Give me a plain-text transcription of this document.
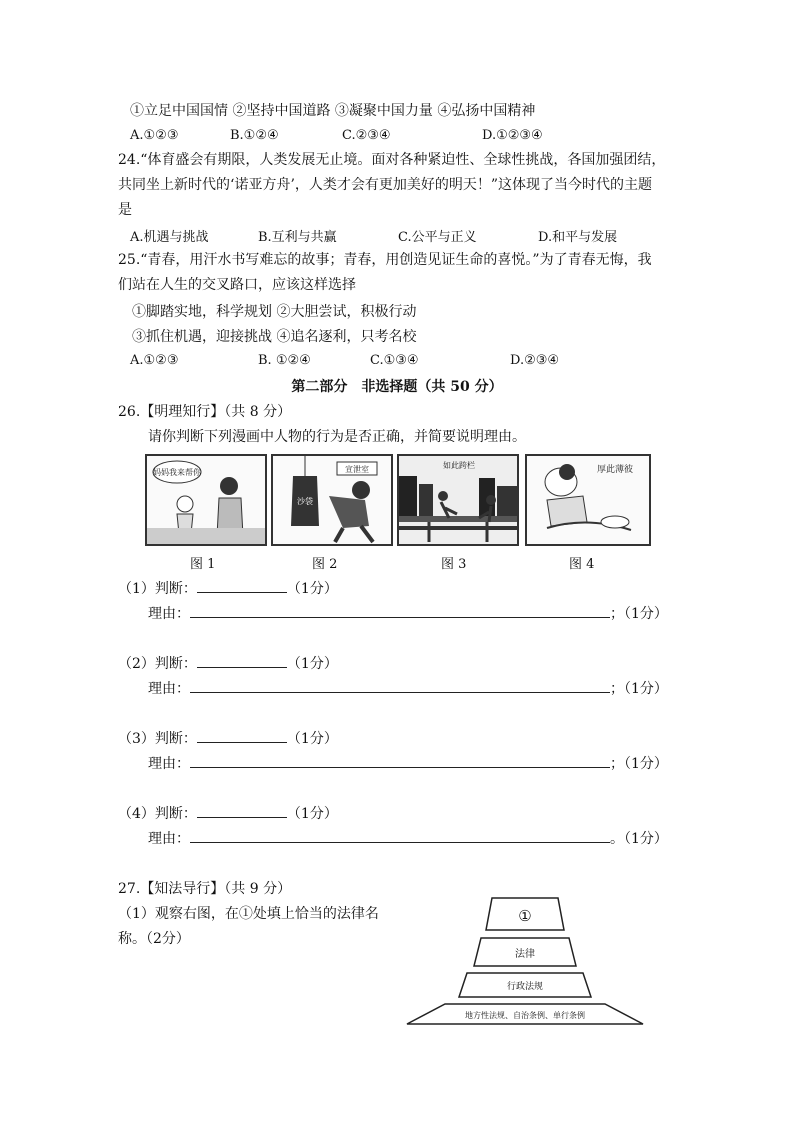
①立足中国国情 ②坚持中国道路 ③凝聚中国力量 ④弘扬中国精神
A.①②③	B.①②④	C.②③④	D.①②③④
24.“体育盛会有期限，人类发展无止境。面对各种紧迫性、全球性挑战，各国加强团结，
共同坐上新时代的‘诺亚方舟’，人类才会有更加美好的明天！”这体现了当今时代的主题
是
A.机遇与挑战	B.互利与共赢	C.公平与正义	D.和平与发展
25.“青春，用汗水书写难忘的故事；青春，用创造见证生命的喜悦。”为了青春无悔，我
们站在人生的交叉路口，应该这样选择
①脚踏实地，科学规划 ②大胆尝试，积极行动
③抓住机遇，迎接挑战 ④追名逐利，只考名校
A.①②③	B. ①②④	C.①③④	D.②③④
第二部分　非选择题（共 50 分）
26.【明理知行】（共 8 分）
请你判断下列漫画中人物的行为是否正确，并简要说明理由。
妈妈我来帮你	宣泄室
沙袋
如此跨栏	厚此薄彼
图 1	图 2	图 3	图 4
（1）判断：	（1分）
理由：	；（1分）
（2）判断：	（1分）
理由：	；（1分）
（3）判断：	（1分）
理由：	；（1分）
（4）判断：	（1分）
理由：	。（1分）
27.【知法导行】（共 9 分）
（1）观察右图，在①处填上恰当的法律名
称。（2分）
①
法律
行政法规
地方性法规、自治条例、单行条例
